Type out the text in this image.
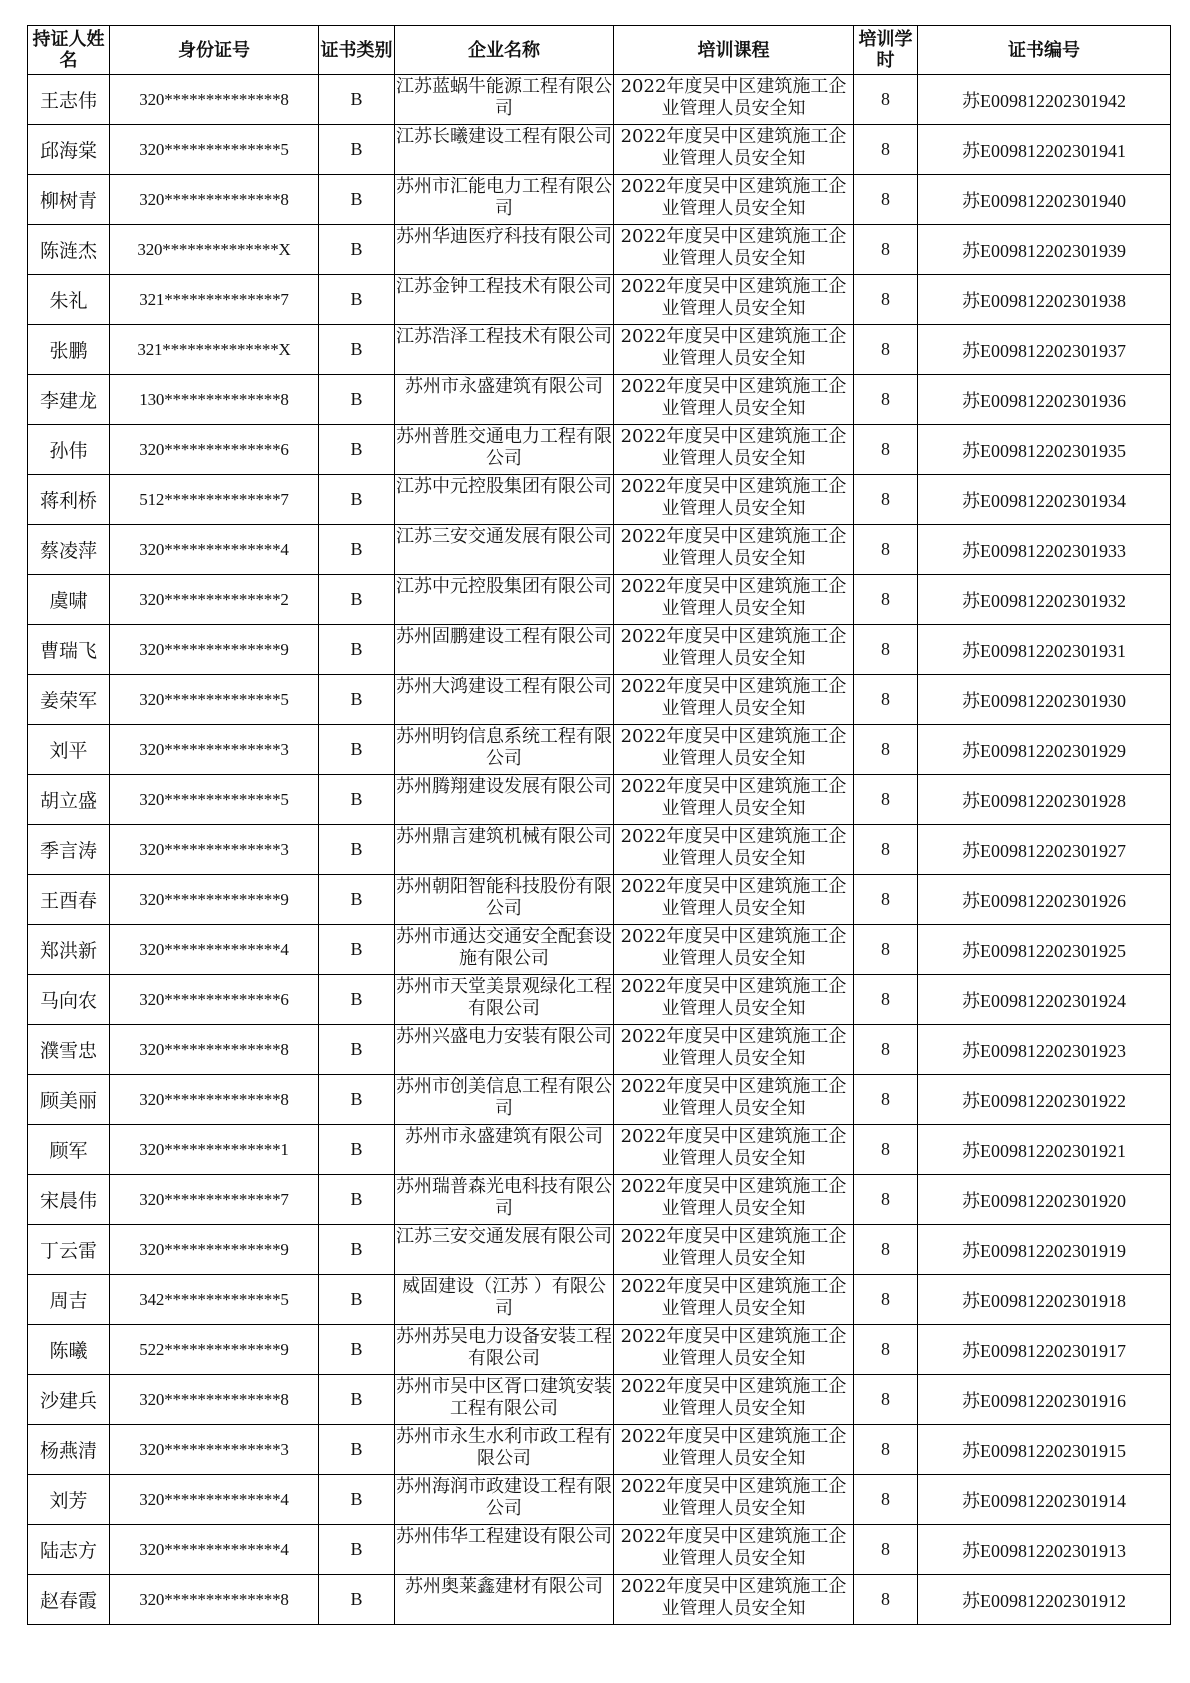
持证人姓名	身份证号	证书类别	企业名称	培训课程	培训学时	证书编号
王志伟	320**************8	B	江苏蓝蜗牛能源工程有限公司	2022年度吴中区建筑施工企业管理人员安全知	8	苏E009812202301942
邱海棠	320**************5	B	江苏长曦建设工程有限公司	2022年度吴中区建筑施工企业管理人员安全知	8	苏E009812202301941
柳树青	320**************8	B	苏州市汇能电力工程有限公司	2022年度吴中区建筑施工企业管理人员安全知	8	苏E009812202301940
陈涟杰	320**************X	B	苏州华迪医疗科技有限公司	2022年度吴中区建筑施工企业管理人员安全知	8	苏E009812202301939
朱礼	321**************7	B	江苏金钟工程技术有限公司	2022年度吴中区建筑施工企业管理人员安全知	8	苏E009812202301938
张鹏	321**************X	B	江苏浩泽工程技术有限公司	2022年度吴中区建筑施工企业管理人员安全知	8	苏E009812202301937
李建龙	130**************8	B	苏州市永盛建筑有限公司	2022年度吴中区建筑施工企业管理人员安全知	8	苏E009812202301936
孙伟	320**************6	B	苏州普胜交通电力工程有限公司	2022年度吴中区建筑施工企业管理人员安全知	8	苏E009812202301935
蒋利桥	512**************7	B	江苏中元控股集团有限公司	2022年度吴中区建筑施工企业管理人员安全知	8	苏E009812202301934
蔡凌萍	320**************4	B	江苏三安交通发展有限公司	2022年度吴中区建筑施工企业管理人员安全知	8	苏E009812202301933
虞啸	320**************2	B	江苏中元控股集团有限公司	2022年度吴中区建筑施工企业管理人员安全知	8	苏E009812202301932
曹瑞飞	320**************9	B	苏州固鹏建设工程有限公司	2022年度吴中区建筑施工企业管理人员安全知	8	苏E009812202301931
姜荣军	320**************5	B	苏州大鸿建设工程有限公司	2022年度吴中区建筑施工企业管理人员安全知	8	苏E009812202301930
刘平	320**************3	B	苏州明钧信息系统工程有限公司	2022年度吴中区建筑施工企业管理人员安全知	8	苏E009812202301929
胡立盛	320**************5	B	苏州腾翔建设发展有限公司	2022年度吴中区建筑施工企业管理人员安全知	8	苏E009812202301928
季言涛	320**************3	B	苏州鼎言建筑机械有限公司	2022年度吴中区建筑施工企业管理人员安全知	8	苏E009812202301927
王酉春	320**************9	B	苏州朝阳智能科技股份有限公司	2022年度吴中区建筑施工企业管理人员安全知	8	苏E009812202301926
郑洪新	320**************4	B	苏州市通达交通安全配套设施有限公司	2022年度吴中区建筑施工企业管理人员安全知	8	苏E009812202301925
马向农	320**************6	B	苏州市天堂美景观绿化工程有限公司	2022年度吴中区建筑施工企业管理人员安全知	8	苏E009812202301924
濮雪忠	320**************8	B	苏州兴盛电力安装有限公司	2022年度吴中区建筑施工企业管理人员安全知	8	苏E009812202301923
顾美丽	320**************8	B	苏州市创美信息工程有限公司	2022年度吴中区建筑施工企业管理人员安全知	8	苏E009812202301922
顾军	320**************1	B	苏州市永盛建筑有限公司	2022年度吴中区建筑施工企业管理人员安全知	8	苏E009812202301921
宋晨伟	320**************7	B	苏州瑞普森光电科技有限公司	2022年度吴中区建筑施工企业管理人员安全知	8	苏E009812202301920
丁云雷	320**************9	B	江苏三安交通发展有限公司	2022年度吴中区建筑施工企业管理人员安全知	8	苏E009812202301919
周吉	342**************5	B	威固建设（江苏 ）有限公司	2022年度吴中区建筑施工企业管理人员安全知	8	苏E009812202301918
陈曦	522**************9	B	苏州苏吴电力设备安装工程有限公司	2022年度吴中区建筑施工企业管理人员安全知	8	苏E009812202301917
沙建兵	320**************8	B	苏州市吴中区胥口建筑安装工程有限公司	2022年度吴中区建筑施工企业管理人员安全知	8	苏E009812202301916
杨燕清	320**************3	B	苏州市永生水利市政工程有限公司	2022年度吴中区建筑施工企业管理人员安全知	8	苏E009812202301915
刘芳	320**************4	B	苏州海润市政建设工程有限公司	2022年度吴中区建筑施工企业管理人员安全知	8	苏E009812202301914
陆志方	320**************4	B	苏州伟华工程建设有限公司	2022年度吴中区建筑施工企业管理人员安全知	8	苏E009812202301913
赵春霞	320**************8	B	苏州奥莱鑫建材有限公司	2022年度吴中区建筑施工企业管理人员安全知	8	苏E009812202301912
